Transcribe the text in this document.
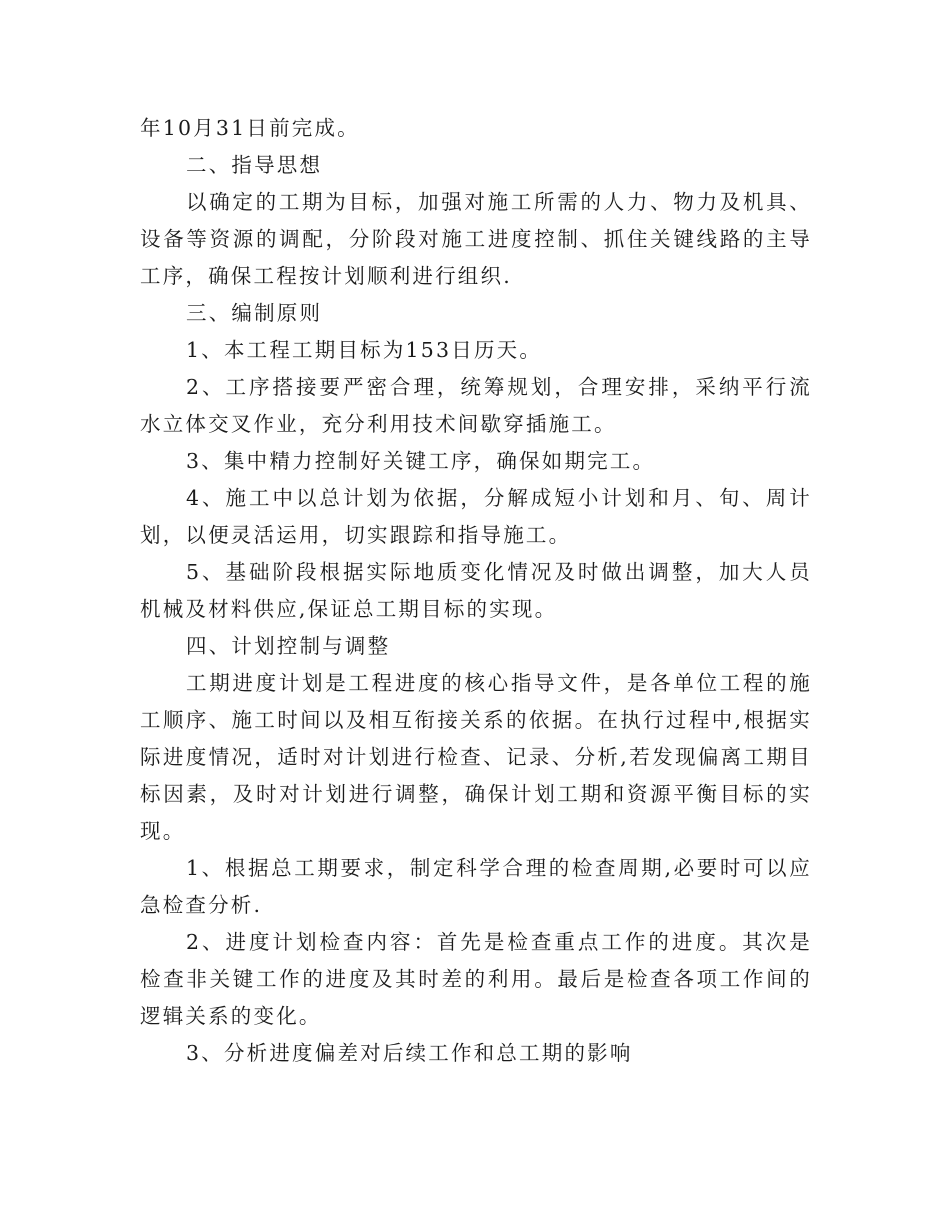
年10月31日前完成。

二、指导思想

以确定的工期为目标，加强对施工所需的人力、物力及机具、设备等资源的调配，分阶段对施工进度控制、抓住关键线路的主导工序，确保工程按计划顺利进行组织.

三、编制原则

1、本工程工期目标为153日历天。

2、工序搭接要严密合理，统筹规划，合理安排，采纳平行流水立体交叉作业，充分利用技术间歇穿插施工。

3、集中精力控制好关键工序，确保如期完工。

4、施工中以总计划为依据，分解成短小计划和月、旬、周计划，以便灵活运用，切实跟踪和指导施工。

5、基础阶段根据实际地质变化情况及时做出调整，加大人员机械及材料供应,保证总工期目标的实现。

四、计划控制与调整

工期进度计划是工程进度的核心指导文件，是各单位工程的施工顺序、施工时间以及相互衔接关系的依据。在执行过程中,根据实际进度情况，适时对计划进行检查、记录、分析,若发现偏离工期目标因素，及时对计划进行调整，确保计划工期和资源平衡目标的实现。

1、根据总工期要求，制定科学合理的检查周期,必要时可以应急检查分析.

2、进度计划检查内容：首先是检查重点工作的进度。其次是检查非关键工作的进度及其时差的利用。最后是检查各项工作间的逻辑关系的变化。

3、分析进度偏差对后续工作和总工期的影响
